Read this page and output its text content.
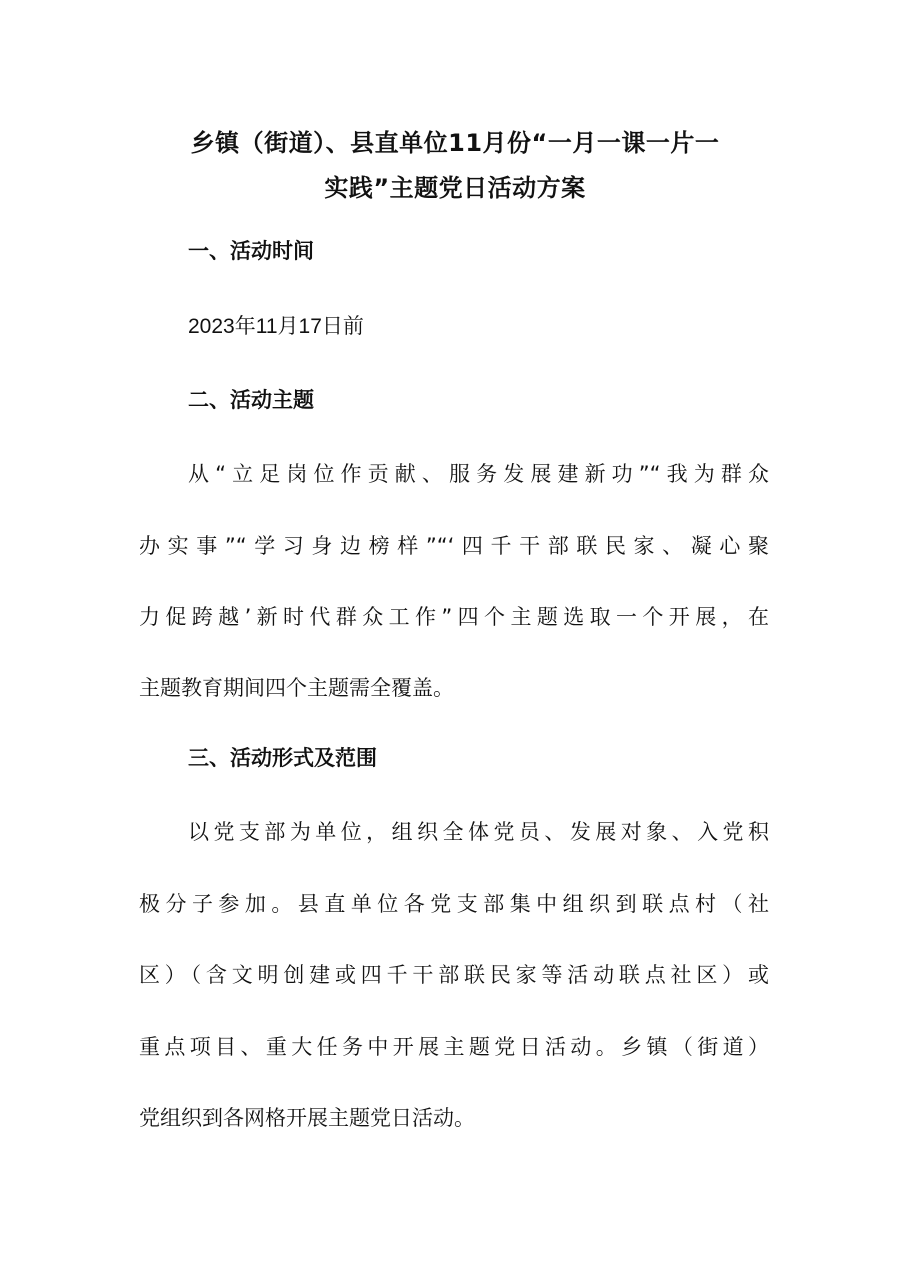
乡镇（街道）、县直单位11月份“一月一课一片一
实践”主题党日活动方案
一、活动时间

2023年11月17日前

二、活动主题

从“立足岗位作贡献、服务发展建新功”“我为群众

办实事”“学习身边榜样”“‘四千干部联民家、凝心聚

力促跨越’新时代群众工作”四个主题选取一个开展，在

主题教育期间四个主题需全覆盖。

三、活动形式及范围

以党支部为单位，组织全体党员、发展对象、入党积

极分子参加。县直单位各党支部集中组织到联点村（社

区）（含文明创建或四千干部联民家等活动联点社区）或

重点项目、重大任务中开展主题党日活动。乡镇（街道）

党组织到各网格开展主题党日活动。
